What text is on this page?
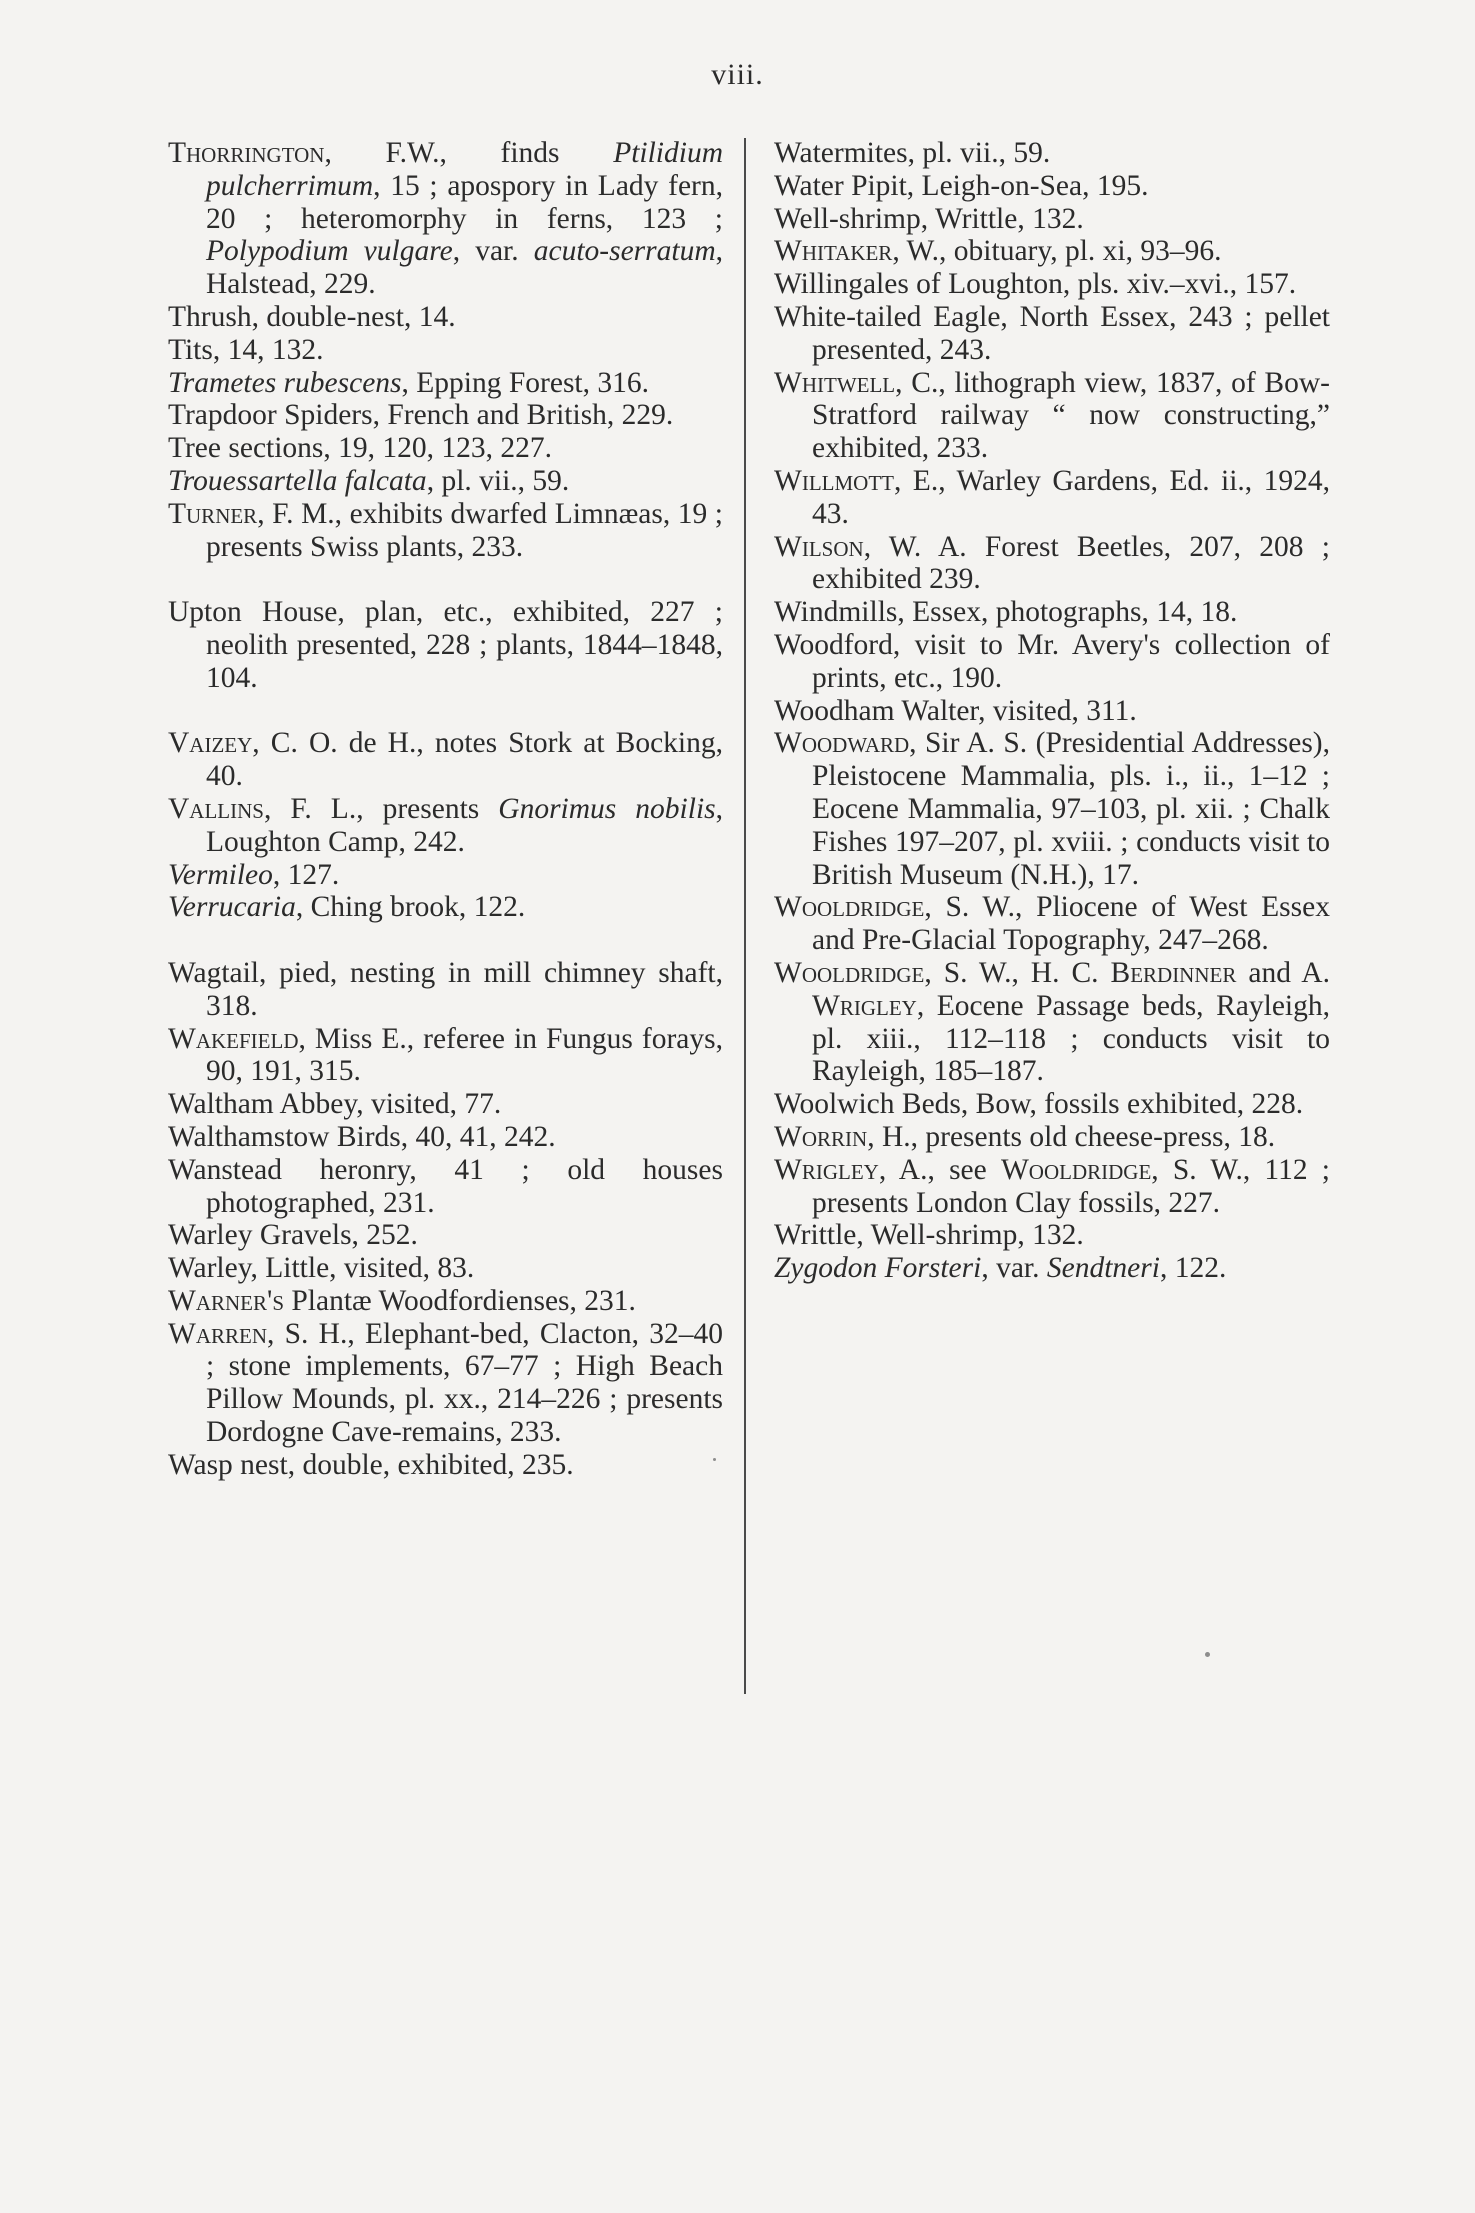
viii.
Thorrington, F.W., finds Ptilidium pulcherrimum, 15 ; apospory in Lady fern, 20 ; heteromorphy in ferns, 123 ; Polypodium vulgare, var. acuto-serratum, Halstead, 229.
Thrush, double-nest, 14.
Tits, 14, 132.
Trametes rubescens, Epping Forest, 316.
Trapdoor Spiders, French and British, 229.
Tree sections, 19, 120, 123, 227.
Trouessartella falcata, pl. vii., 59.
Turner, F. M., exhibits dwarfed Limnæas, 19 ; presents Swiss plants, 233.
Upton House, plan, etc., exhibited, 227 ; neolith presented, 228 ; plants, 1844–1848, 104.
Vaizey, C. O. de H., notes Stork at Bocking, 40.
Vallins, F. L., presents Gnorimus nobilis, Loughton Camp, 242.
Vermileo, 127.
Verrucaria, Ching brook, 122.
Wagtail, pied, nesting in mill chimney shaft, 318.
Wakefield, Miss E., referee in Fungus forays, 90, 191, 315.
Waltham Abbey, visited, 77.
Walthamstow Birds, 40, 41, 242.
Wanstead heronry, 41 ; old houses photographed, 231.
Warley Gravels, 252.
Warley, Little, visited, 83.
Warner's Plantæ Woodfordienses, 231.
Warren, S. H., Elephant-bed, Clacton, 32–40 ; stone implements, 67–77 ; High Beach Pillow Mounds, pl. xx., 214–226 ; presents Dordogne Cave-remains, 233.
Wasp nest, double, exhibited, 235.
Watermites, pl. vii., 59.
Water Pipit, Leigh-on-Sea, 195.
Well-shrimp, Writtle, 132.
Whitaker, W., obituary, pl. xi, 93–96.
Willingales of Loughton, pls. xiv.–xvi., 157.
White-tailed Eagle, North Essex, 243 ; pellet presented, 243.
Whitwell, C., lithograph view, 1837, of Bow-Stratford railway “ now constructing,” exhibited, 233.
Willmott, E., Warley Gardens, Ed. ii., 1924, 43.
Wilson, W. A. Forest Beetles, 207, 208 ; exhibited 239.
Windmills, Essex, photographs, 14, 18.
Woodford, visit to Mr. Avery's collection of prints, etc., 190.
Woodham Walter, visited, 311.
Woodward, Sir A. S. (Presidential Addresses), Pleistocene Mammalia, pls. i., ii., 1–12 ; Eocene Mammalia, 97–103, pl. xii. ; Chalk Fishes 197–207, pl. xviii. ; conducts visit to British Museum (N.H.), 17.
Wooldridge, S. W., Pliocene of West Essex and Pre-Glacial Topography, 247–268.
Wooldridge, S. W., H. C. Berdinner and A. Wrigley, Eocene Passage beds, Rayleigh, pl. xiii., 112–118 ; conducts visit to Rayleigh, 185–187.
Woolwich Beds, Bow, fossils exhibited, 228.
Worrin, H., presents old cheese-press, 18.
Wrigley, A., see Wooldridge, S. W., 112 ; presents London Clay fossils, 227.
Writtle, Well-shrimp, 132.
Zygodon Forsteri, var. Sendtneri, 122.
